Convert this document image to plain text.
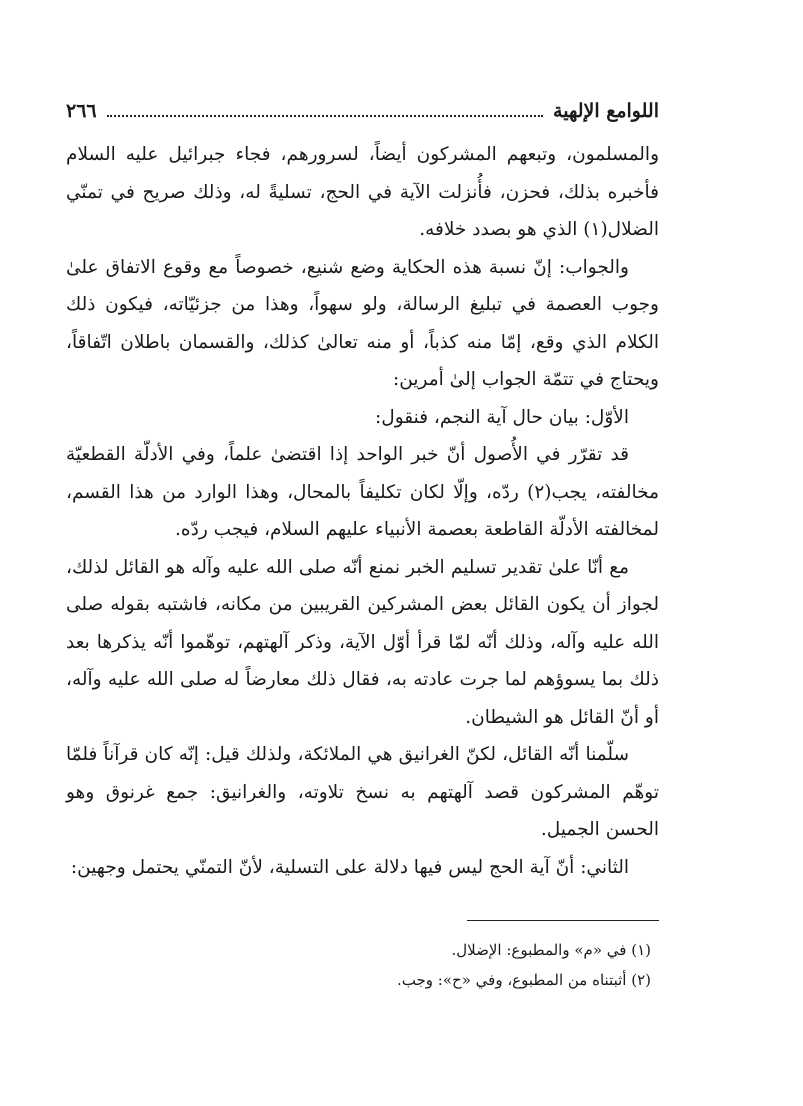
اللوامع الإلهية
٢٦٦

والمسلمون، وتبعهم المشركون أيضاً، لسرورهم، فجاء جبرائيل عليه السلام فأخبره بذلك، فحزن، فأُنزلت الآية في الحج، تسليةً له، وذلك صريح في تمنّي الضلال(١) الذي هو بصدد خلافه.

والجواب: إنّ نسبة هذه الحكاية وضع شنيع، خصوصاً مع وقوع الاتفاق علىٰ وجوب العصمة في تبليغ الرسالة، ولو سهواً، وهذا من جزئيّاته، فيكون ذلك الكلام الذي وقع، إمّا منه كذباً، أو منه تعالىٰ كذلك، والقسمان باطلان اتّفاقاً، ويحتاج في تتمّة الجواب إلىٰ أمرين:

الأوّل: بيان حال آية النجم، فنقول:

قد تقرّر في الأُصول أنّ خبر الواحد إذا اقتضىٰ علماً، وفي الأدلّة القطعيّة مخالفته، يجب(٢) ردّه، وإلّا لكان تكليفاً بالمحال، وهذا الوارد من هذا القسم، لمخالفته الأدلّة القاطعة بعصمة الأنبياء عليهم السلام، فيجب ردّه.

مع أنّا علىٰ تقدير تسليم الخبر نمنع أنّه صلى الله عليه وآله هو القائل لذلك، لجواز أن يكون القائل بعض المشركين القريبين من مكانه، فاشتبه بقوله صلى الله عليه وآله، وذلك أنّه لمّا قرأ أوّل الآية، وذكر آلهتهم، توهّموا أنّه يذكرها بعد ذلك بما يسوؤهم لما جرت عادته به، فقال ذلك معارضاً له صلى الله عليه وآله، أو أنّ القائل هو الشيطان.

سلّمنا أنّه القائل، لكنّ الغرانيق هي الملائكة، ولذلك قيل: إنّه كان قرآناً فلمّا توهّم المشركون قصد آلهتهم به نسخ تلاوته، والغرانيق: جمع غرنوق وهو الحسن الجميل.

الثاني: أنّ آية الحج ليس فيها دلالة على التسلية، لأنّ التمنّي يحتمل وجهين:

(١) في «م» والمطبوع: الإضلال.
(٢) أثبتناه من المطبوع، وفي «ح»: وجب.
